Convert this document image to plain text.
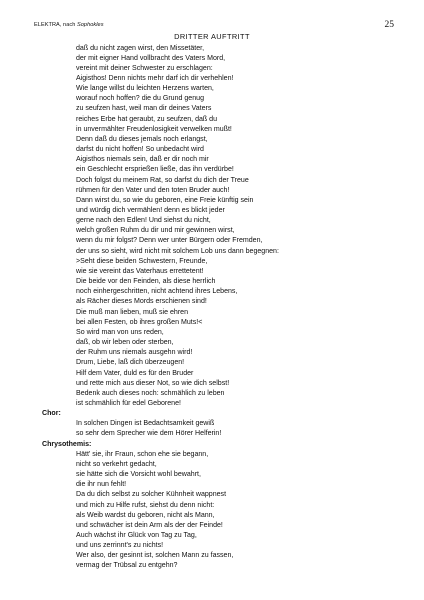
ELEKTRA, nach Sophokles	25
DRITTER AUFTRITT
daß du nicht zagen wirst, den Missetäter,
der mit eigner Hand vollbracht des Vaters Mord,
vereint mit deiner Schwester zu erschlagen:
Aigisthos! Denn nichts mehr darf ich dir verhehlen!
Wie lange willst du leichten Herzens warten,
worauf noch hoffen? die du Grund genug
zu seufzen hast, weil man dir deines Vaters
reiches Erbe hat geraubt, zu seufzen, daß du
in unvermählter Freudenlosigkeit verwelken mußt!
Denn daß du dieses jemals noch erlangst,
darfst du nicht hoffen! So unbedacht wird
Aigisthos niemals sein, daß er dir noch mir
ein Geschlecht ersprießen ließe, das ihn verdürbe!
Doch folgst du meinem Rat, so darfst du dich der Treue
rühmen für den Vater und den toten Bruder auch!
Dann wirst du, so wie du geboren, eine Freie künftig sein
und würdig dich vermählen! denn es blickt jeder
gerne nach den Edlen! Und siehst du nicht,
welch großen Ruhm du dir und mir gewinnen wirst,
wenn du mir folgst? Denn wer unter Bürgern oder Fremden,
der uns so sieht, wird nicht mit solchem Lob uns dann begegnen:
>Seht diese beiden Schwestern, Freunde,
wie sie vereint das Vaterhaus errettetent!
Die beide vor den Feinden, als diese herrlich
noch einhergeschritten, nicht achtend ihres Lebens,
als Rächer dieses Mords erschienen sind!
Die muß man lieben, muß sie ehren
bei allen Festen, ob ihres großen Muts!<
So wird man von uns reden,
daß, ob wir leben oder sterben,
der Ruhm uns niemals ausgehn wird!
Drum, Liebe, laß dich überzeugen!
Hilf dem Vater, duld es für den Bruder
und rette mich aus dieser Not, so wie dich selbst!
Bedenk auch dieses noch: schmählich zu leben
ist schmählich für edel Geborene!
Chor:
In solchen Dingen ist Bedachtsamkeit gewiß
so sehr dem Sprecher wie dem Hörer Helferin!
Chrysothemis:
Hätt' sie, ihr Fraun, schon ehe sie begann,
nicht so verkehrt gedacht,
sie hätte sich die Vorsicht wohl bewahrt,
die ihr nun fehlt!
Da du dich selbst zu solcher Kühnheit wappnest
und mich zu Hilfe rufst, siehst du denn nicht:
als Weib wardst du geboren, nicht als Mann,
und schwächer ist dein Arm als der der Feinde!
Auch wächst ihr Glück von Tag zu Tag,
und uns zerrinnt's zu nichts!
Wer also, der gesinnt ist, solchen Mann zu fassen,
vermag der Trübsal zu entgehn?
